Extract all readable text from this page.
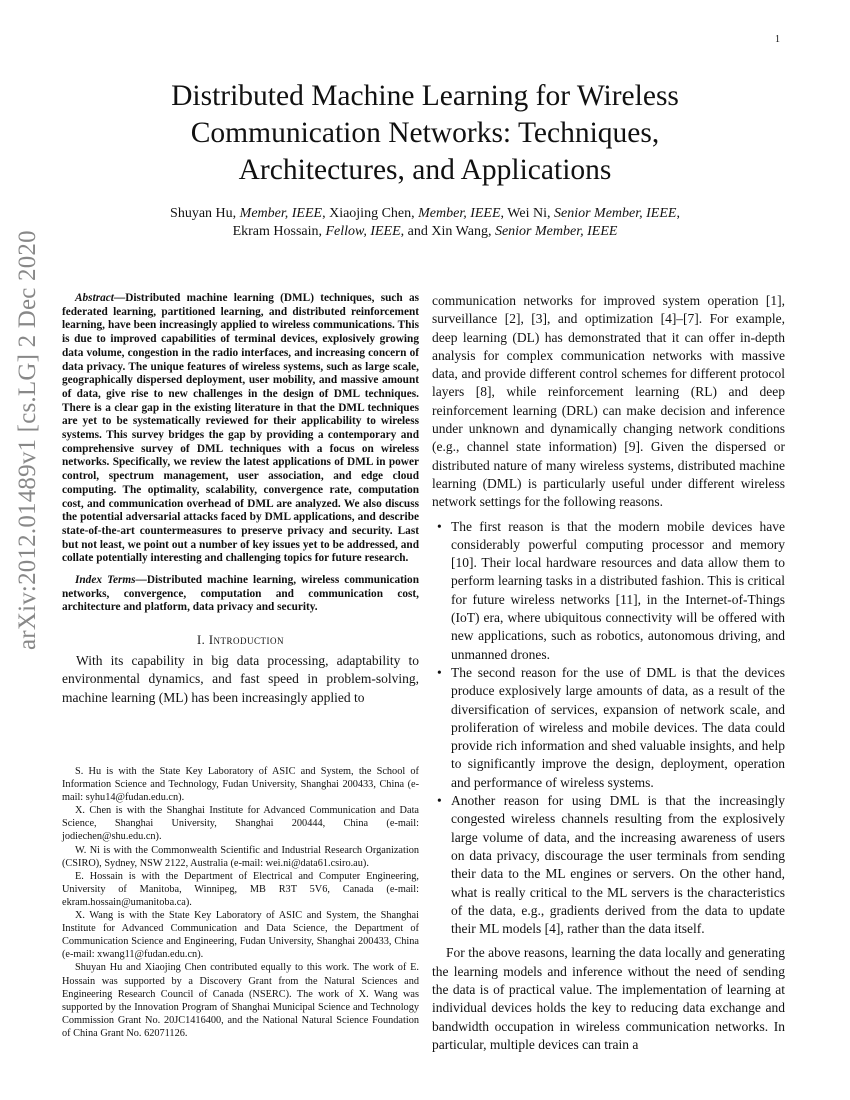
1
arXiv:2012.01489v1 [cs.LG] 2 Dec 2020
Distributed Machine Learning for Wireless
Communication Networks: Techniques,
Architectures, and Applications
Shuyan Hu, Member, IEEE, Xiaojing Chen, Member, IEEE, Wei Ni, Senior Member, IEEE,
Ekram Hossain, Fellow, IEEE, and Xin Wang, Senior Member, IEEE

Abstract—Distributed machine learning (DML) techniques, such as federated learning, partitioned learning, and distributed reinforcement learning, have been increasingly applied to wireless communications. This is due to improved capabilities of terminal devices, explosively growing data volume, congestion in the radio interfaces, and increasing concern of data privacy. The unique features of wireless systems, such as large scale, geographically dispersed deployment, user mobility, and massive amount of data, give rise to new challenges in the design of DML techniques. There is a clear gap in the existing literature in that the DML techniques are yet to be systematically reviewed for their applicability to wireless systems. This survey bridges the gap by providing a contemporary and comprehensive survey of DML techniques with a focus on wireless networks. Specifically, we review the latest applications of DML in power control, spectrum management, user association, and edge cloud computing. The optimality, scalability, convergence rate, computation cost, and communication overhead of DML are analyzed. We also discuss the potential adversarial attacks faced by DML applications, and describe state-of-the-art countermeasures to preserve privacy and security. Last but not least, we point out a number of key issues yet to be addressed, and collate potentially interesting and challenging topics for future research.

Index Terms—Distributed machine learning, wireless communication networks, convergence, computation and communication cost, architecture and platform, data privacy and security.

I. Introduction

With its capability in big data processing, adaptability to environmental dynamics, and fast speed in problem-solving, machine learning (ML) has been increasingly applied to

S. Hu is with the State Key Laboratory of ASIC and System, the School of Information Science and Technology, Fudan University, Shanghai 200433, China (e-mail: syhu14@fudan.edu.cn).

X. Chen is with the Shanghai Institute for Advanced Communication and Data Science, Shanghai University, Shanghai 200444, China (e-mail: jodiechen@shu.edu.cn).

W. Ni is with the Commonwealth Scientific and Industrial Research Organization (CSIRO), Sydney, NSW 2122, Australia (e-mail: wei.ni@data61.csiro.au).

E. Hossain is with the Department of Electrical and Computer Engineering, University of Manitoba, Winnipeg, MB R3T 5V6, Canada (e-mail: ekram.hossain@umanitoba.ca).

X. Wang is with the State Key Laboratory of ASIC and System, the Shanghai Institute for Advanced Communication and Data Science, the Department of Communication Science and Engineering, Fudan University, Shanghai 200433, China (e-mail: xwang11@fudan.edu.cn).

Shuyan Hu and Xiaojing Chen contributed equally to this work. The work of E. Hossain was supported by a Discovery Grant from the Natural Sciences and Engineering Research Council of Canada (NSERC). The work of X. Wang was supported by the Innovation Program of Shanghai Municipal Science and Technology Commission Grant No. 20JC1416400, and the National Natural Science Foundation of China Grant No. 62071126.

communication networks for improved system operation [1], surveillance [2], [3], and optimization [4]–[7]. For example, deep learning (DL) has demonstrated that it can offer in-depth analysis for complex communication networks with massive data, and provide different control schemes for different protocol layers [8], while reinforcement learning (RL) and deep reinforcement learning (DRL) can make decision and inference under unknown and dynamically changing network conditions (e.g., channel state information) [9]. Given the dispersed or distributed nature of many wireless systems, distributed machine learning (DML) is particularly useful under different wireless network settings for the following reasons.

• The first reason is that the modern mobile devices have considerably powerful computing processor and memory [10]. Their local hardware resources and data allow them to perform learning tasks in a distributed fashion. This is critical for future wireless networks [11], in the Internet-of-Things (IoT) era, where ubiquitous connectivity will be offered with new applications, such as robotics, autonomous driving, and unmanned drones.
• The second reason for the use of DML is that the devices produce explosively large amounts of data, as a result of the diversification of services, expansion of network scale, and proliferation of wireless and mobile devices. The data could provide rich information and shed valuable insights, and help to significantly improve the design, deployment, operation and performance of wireless systems.
• Another reason for using DML is that the increasingly congested wireless channels resulting from the explosively large volume of data, and the increasing awareness of users on data privacy, discourage the user terminals from sending their data to the ML engines or servers. On the other hand, what is really critical to the ML servers is the characteristics of the data, e.g., gradients derived from the data to update their ML models [4], rather than the data itself.

For the above reasons, learning the data locally and generating the learning models and inference without the need of sending the data is of practical value. The implementation of learning at individual devices holds the key to reducing data exchange and bandwidth occupation in wireless communication networks. In particular, multiple devices can train a
